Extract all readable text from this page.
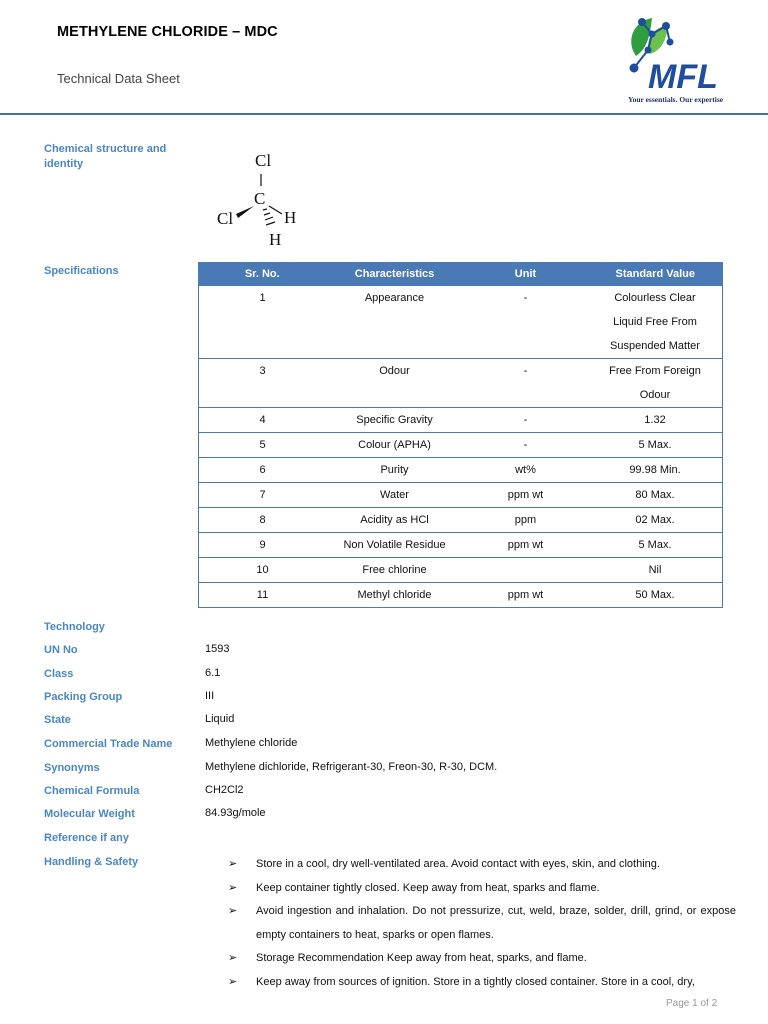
METHYLENE CHLORIDE – MDC
Technical Data Sheet	MFL
Your essentials. Our expertise
Chemical structure and identity	Cl
C
Cl	H
H
Specifications	Sr. No.	Characteristics	Unit	Standard Value
1	Appearance	-	Colourless Clear
Liquid Free From
Suspended Matter

3	Odour	-	Free From Foreign
Odour

4	Specific Gravity	-	1.32

5	Colour (APHA)	-	5 Max.

6	Purity	wt%	99.98 Min.

7	Water	ppm wt	80 Max.

8	Acidity as HCl	ppm	02 Max.

9	Non Volatile Residue	ppm wt	5 Max.

10	Free chlorine		Nil

11	Methyl chloride	ppm wt	50 Max.
Technology
UN No	1593
Class	6.1
Packing Group	III
State	Liquid
Commercial Trade Name	Methylene chloride
Synonyms	Methylene dichloride, Refrigerant-30, Freon-30, R-30, DCM.
Chemical Formula	CH2Cl2
Molecular Weight	84.93g/mole
Reference if any
Handling & Safety	➢ Store in a cool, dry well-ventilated area. Avoid contact with eyes, skin, and clothing.
➢ Keep container tightly closed. Keep away from heat, sparks and flame.
➢ Avoid ingestion and inhalation. Do not pressurize, cut, weld, braze, solder, drill, grind, or expose empty containers to heat, sparks or open flames.
➢ Storage Recommendation Keep away from heat, sparks, and flame.
➢ Keep away from sources of ignition. Store in a tightly closed container. Store in a cool, dry,
Page 1 of 2
